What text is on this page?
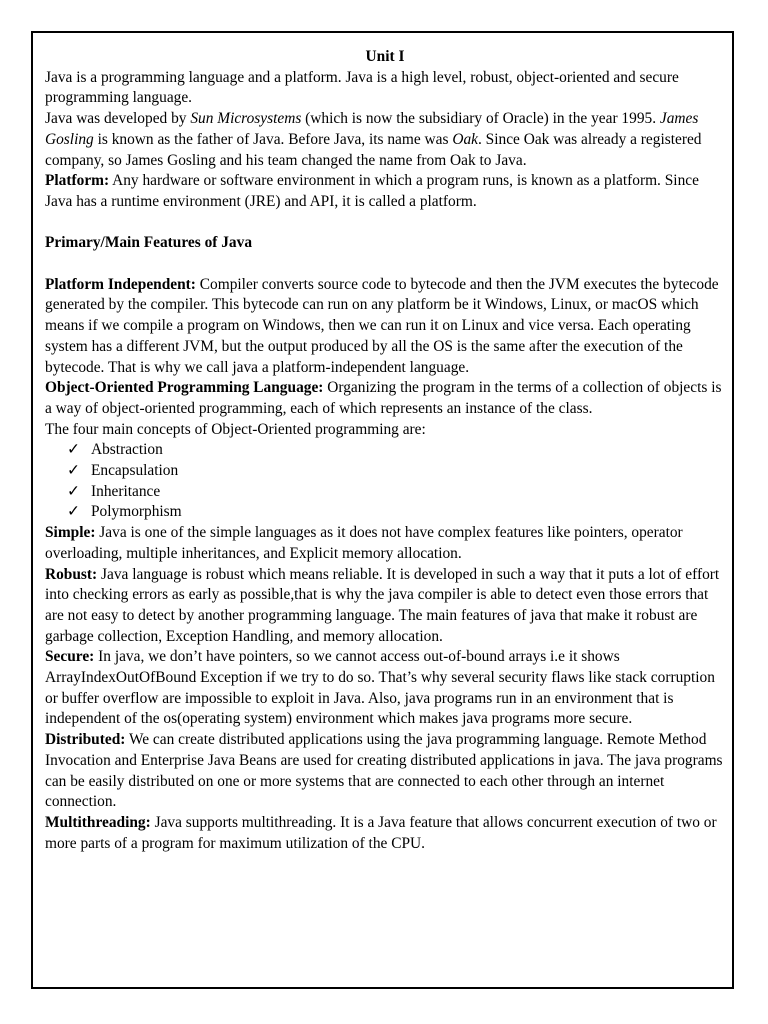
Unit I

Java is a programming language and a platform. Java is a high level, robust, object-oriented and secure programming language.

Java was developed by Sun Microsystems (which is now the subsidiary of Oracle) in the year 1995. James Gosling is known as the father of Java. Before Java, its name was Oak. Since Oak was already a registered company, so James Gosling and his team changed the name from Oak to Java.

Platform: Any hardware or software environment in which a program runs, is known as a platform. Since Java has a runtime environment (JRE) and API, it is called a platform.

Primary/Main Features of Java

Platform Independent: Compiler converts source code to bytecode and then the JVM executes the bytecode generated by the compiler. This bytecode can run on any platform be it Windows, Linux, or macOS which means if we compile a program on Windows, then we can run it on Linux and vice versa. Each operating system has a different JVM, but the output produced by all the OS is the same after the execution of the bytecode. That is why we call java a platform-independent language.

Object-Oriented Programming Language: Organizing the program in the terms of a collection of objects is a way of object-oriented programming, each of which represents an instance of the class.

The four main concepts of Object-Oriented programming are:

✓ Abstraction
✓ Encapsulation
✓ Inheritance
✓ Polymorphism

Simple: Java is one of the simple languages as it does not have complex features like pointers, operator overloading, multiple inheritances, and Explicit memory allocation.

Robust: Java language is robust which means reliable. It is developed in such a way that it puts a lot of effort into checking errors as early as possible,that is why the java compiler is able to detect even those errors that are not easy to detect by another programming language. The main features of java that make it robust are garbage collection, Exception Handling, and memory allocation.

Secure: In java, we don’t have pointers, so we cannot access out-of-bound arrays i.e it shows ArrayIndexOutOfBound Exception if we try to do so. That’s why several security flaws like stack corruption or buffer overflow are impossible to exploit in Java. Also, java programs run in an environment that is independent of the os(operating system) environment which makes java programs more secure.

Distributed: We can create distributed applications using the java programming language. Remote Method Invocation and Enterprise Java Beans are used for creating distributed applications in java. The java programs can be easily distributed on one or more systems that are connected to each other through an internet connection.

Multithreading: Java supports multithreading. It is a Java feature that allows concurrent execution of two or more parts of a program for maximum utilization of the CPU.
